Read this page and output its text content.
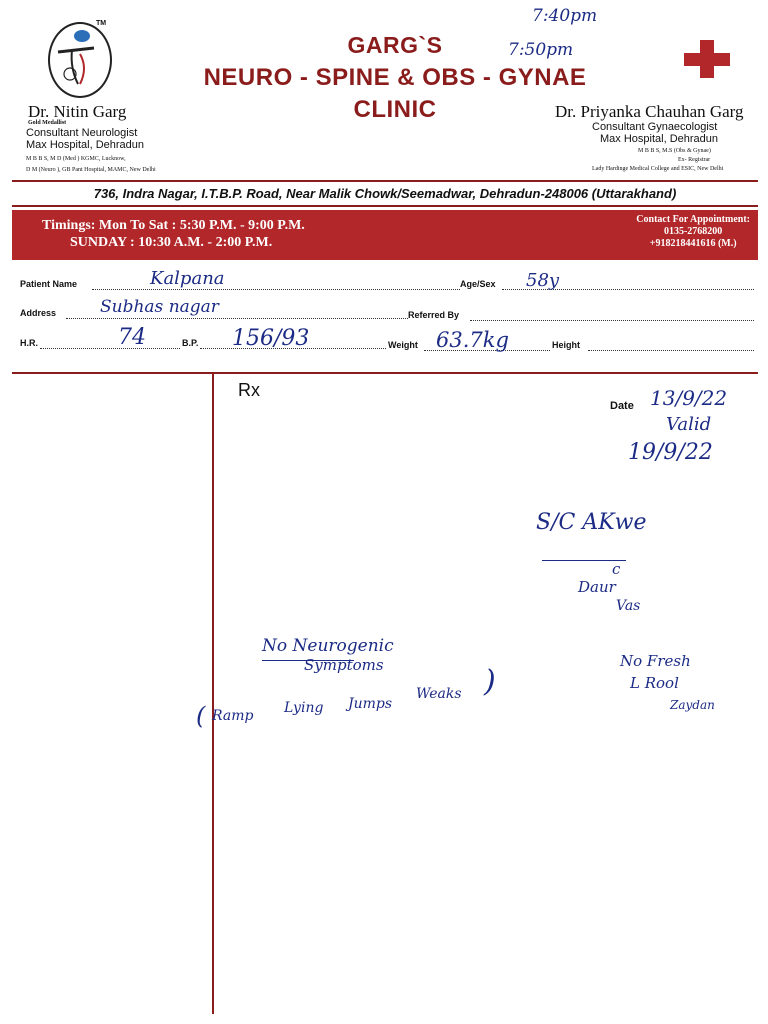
TM
GARG`S
NEURO - SPINE & OBS - GYNAE
CLINIC
7:40pm
7:50pm
Dr. Nitin Garg
Gold Medallist
Consultant Neurologist
Max Hospital, Dehradun
M B B S, M D (Med ) KGMC, Lucknow,
D M (Neuro ), GB Pant Hospital, MAMC, New Delhi
Dr. Priyanka Chauhan Garg
Consultant Gynaecologist
Max Hospital, Dehradun
M B B S, M.S (Obs & Gynae)
Ex- Registrar
Lady Hardinge Medical College and ESIC, New Delhi
736, Indra Nagar, I.T.B.P. Road, Near Malik Chowk/Seemadwar, Dehradun-248006 (Uttarakhand)
Timings: Mon To Sat : 5:30 P.M. - 9:00 P.M.
SUNDAY : 10:30 A.M. - 2:00 P.M.
Contact For Appointment:
0135-2768200
+918218441616 (M.)
Patient Name	Kalpana	Age/Sex 58y
Address	Subhas nagar	Referred By
H.R.	74	B.P. 156/93	Weight 63.7kg	Height
Rx
Date 13/9/22
Valid
19/9/22
S/C AKwe
c
Daur
Vas
No Fresh
L Rool
Zaydan
No Neurogenic
Symptoms
( Ramp Lying Jumps
Weaks )
